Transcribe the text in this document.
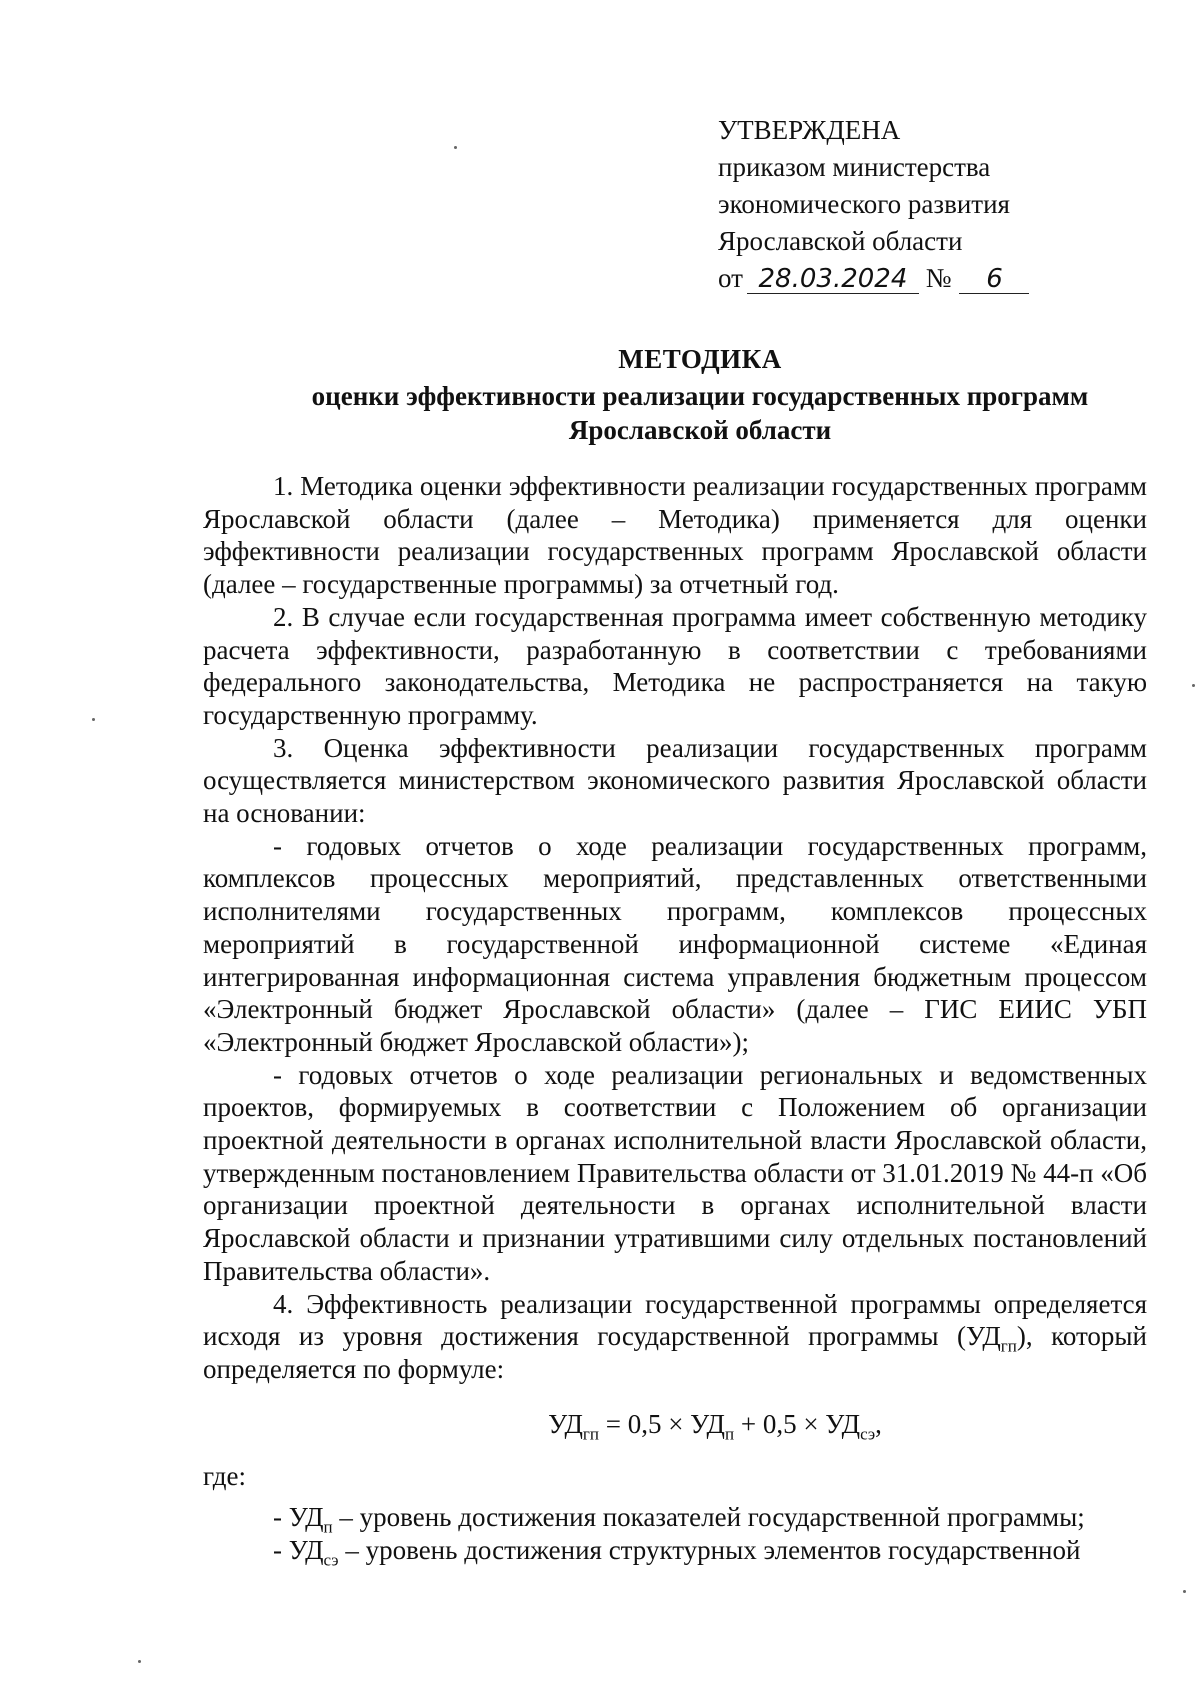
УТВЕРЖДЕНА
приказом министерства
экономического развития
Ярославской области
от 28.03.2024 № 6
МЕТОДИКА
оценки эффективности реализации государственных программ
Ярославской области

1. Методика оценки эффективности реализации государственных программ Ярославской области (далее – Методика) применяется для оценки эффективности реализации государственных программ Ярославской области (далее – государственные программы) за отчетный год.

2. В случае если государственная программа имеет собственную методику расчета эффективности, разработанную в соответствии с требованиями федерального законодательства, Методика не распространяется на такую государственную программу.

3. Оценка эффективности реализации государственных программ осуществляется министерством экономического развития Ярославской области на основании:

- годовых отчетов о ходе реализации государственных программ, комплексов процессных мероприятий, представленных ответственными исполнителями государственных программ, комплексов процессных мероприятий в государственной информационной системе «Единая интегрированная информационная система управления бюджетным процессом «Электронный бюджет Ярославской области» (далее – ГИС ЕИИС УБП «Электронный бюджет Ярославской области»);

- годовых отчетов о ходе реализации региональных и ведомственных проектов, формируемых в соответствии с Положением об организации проектной деятельности в органах исполнительной власти Ярославской области, утвержденным постановлением Правительства области от 31.01.2019 № 44-п «Об организации проектной деятельности в органах исполнительной власти Ярославской области и признании утратившими силу отдельных постановлений Правительства области».

4. Эффективность реализации государственной программы определяется исходя из уровня достижения государственной программы $(УД_{гп})$, который определяется по формуле:

$УД_{гп} = 0,5 \times УД_п + 0,5 \times УД_{сэ}$,

где:

- $УД_п$ – уровень достижения показателей государственной программы;

- $УД_{сэ}$ – уровень достижения структурных элементов государственной
